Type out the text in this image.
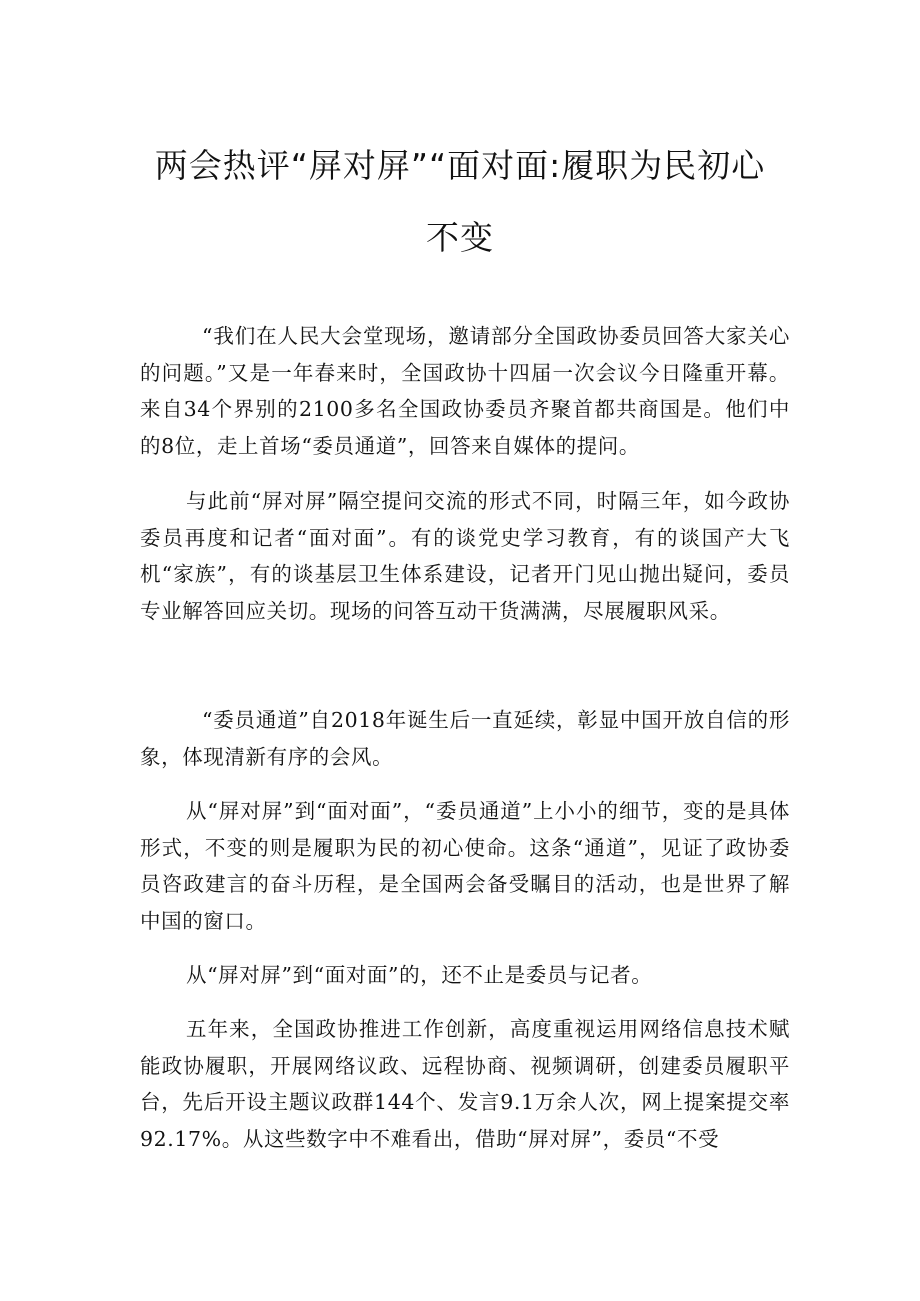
两会热评“屏对屏”“面对面:履职为民初心
不变

“我们在人民大会堂现场，邀请部分全国政协委员回答大家关心的问题。”又是一年春来时，全国政协十四届一次会议今日隆重开幕。来自34个界别的2100多名全国政协委员齐聚首都共商国是。他们中的8位，走上首场“委员通道”，回答来自媒体的提问。

与此前“屏对屏”隔空提问交流的形式不同，时隔三年，如今政协委员再度和记者“面对面”。有的谈党史学习教育，有的谈国产大飞机“家族”，有的谈基层卫生体系建设，记者开门见山抛出疑问，委员专业解答回应关切。现场的问答互动干货满满，尽展履职风采。

“委员通道”自2018年诞生后一直延续，彰显中国开放自信的形象，体现清新有序的会风。

从“屏对屏”到“面对面”，“委员通道”上小小的细节，变的是具体形式，不变的则是履职为民的初心使命。这条“通道”，见证了政协委员咨政建言的奋斗历程，是全国两会备受瞩目的活动，也是世界了解中国的窗口。

从“屏对屏”到“面对面”的，还不止是委员与记者。

五年来，全国政协推进工作创新，高度重视运用网络信息技术赋能政协履职，开展网络议政、远程协商、视频调研，创建委员履职平台，先后开设主题议政群144个、发言9.1万余人次，网上提案提交率92.17%。从这些数字中不难看出，借助“屏对屏”，委员“不受
